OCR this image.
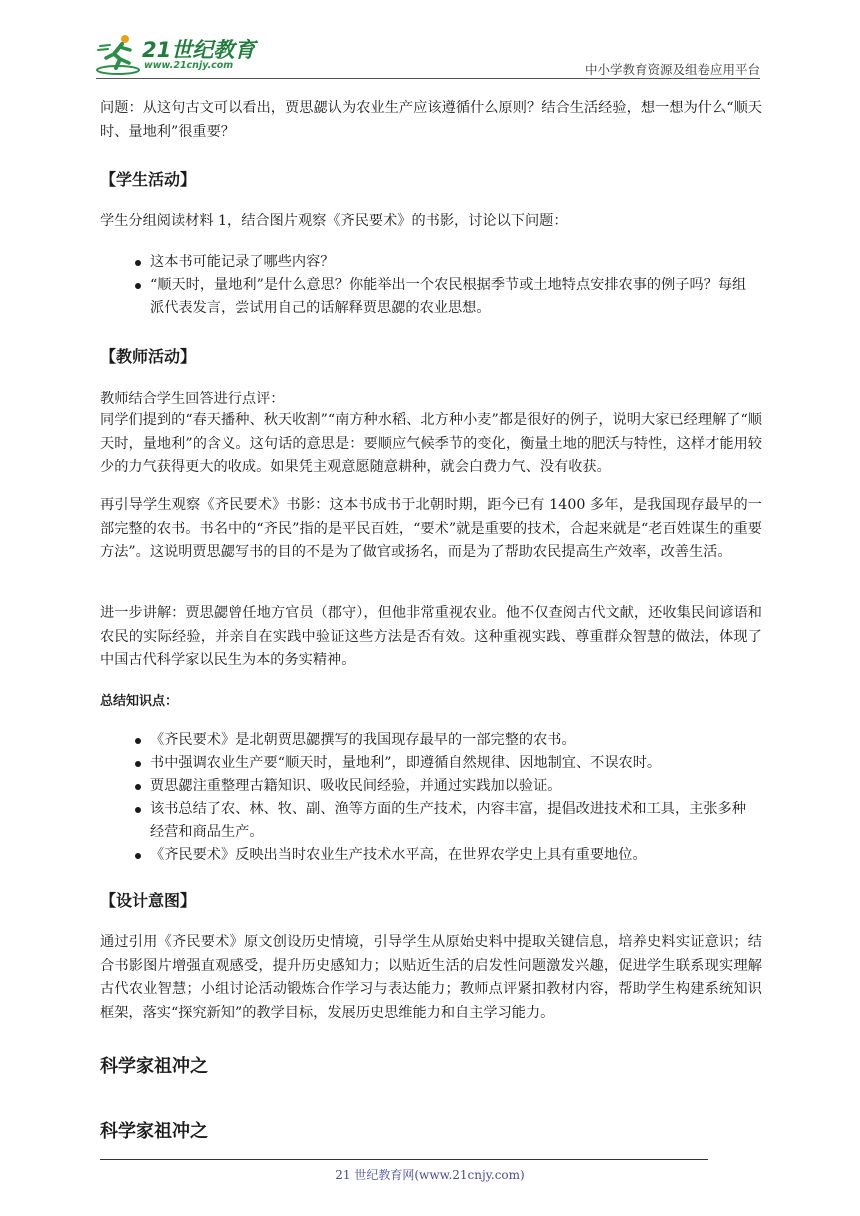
21世纪教育
www.21cnjy.com	中小学教育资源及组卷应用平台

问题：从这句古文可以看出，贾思勰认为农业生产应该遵循什么原则？结合生活经验，想一想为什么“顺天时、量地利”很重要？

【学生活动】

学生分组阅读材料 1，结合图片观察《齐民要术》的书影，讨论以下问题：

这本书可能记录了哪些内容？
“顺天时，量地利”是什么意思？你能举出一个农民根据季节或土地特点安排农事的例子吗？每组派代表发言，尝试用自己的话解释贾思勰的农业思想。

【教师活动】

教师结合学生回答进行点评：

同学们提到的“春天播种、秋天收割”“南方种水稻、北方种小麦”都是很好的例子，说明大家已经理解了“顺天时，量地利”的含义。这句话的意思是：要顺应气候季节的变化，衡量土地的肥沃与特性，这样才能用较少的力气获得更大的收成。如果凭主观意愿随意耕种，就会白费力气、没有收获。

再引导学生观察《齐民要术》书影：这本书成书于北朝时期，距今已有 1400 多年，是我国现存最早的一部完整的农书。书名中的“齐民”指的是平民百姓，“要术”就是重要的技术，合起来就是“老百姓谋生的重要方法”。这说明贾思勰写书的目的不是为了做官或扬名，而是为了帮助农民提高生产效率，改善生活。

进一步讲解：贾思勰曾任地方官员（郡守），但他非常重视农业。他不仅查阅古代文献，还收集民间谚语和农民的实际经验，并亲自在实践中验证这些方法是否有效。这种重视实践、尊重群众智慧的做法，体现了中国古代科学家以民生为本的务实精神。

总结知识点：

《齐民要术》是北朝贾思勰撰写的我国现存最早的一部完整的农书。
书中强调农业生产要“顺天时，量地利”，即遵循自然规律、因地制宜、不误农时。
贾思勰注重整理古籍知识、吸收民间经验，并通过实践加以验证。
该书总结了农、林、牧、副、渔等方面的生产技术，内容丰富，提倡改进技术和工具，主张多种经营和商品生产。
《齐民要术》反映出当时农业生产技术水平高，在世界农学史上具有重要地位。

【设计意图】

通过引用《齐民要术》原文创设历史情境，引导学生从原始史料中提取关键信息，培养史料实证意识；结合书影图片增强直观感受，提升历史感知力；以贴近生活的启发性问题激发兴趣，促进学生联系现实理解古代农业智慧；小组讨论活动锻炼合作学习与表达能力；教师点评紧扣教材内容，帮助学生构建系统知识框架，落实“探究新知”的教学目标，发展历史思维能力和自主学习能力。

科学家祖冲之

科学家祖冲之

21 世纪教育网(www.21cnjy.com)
